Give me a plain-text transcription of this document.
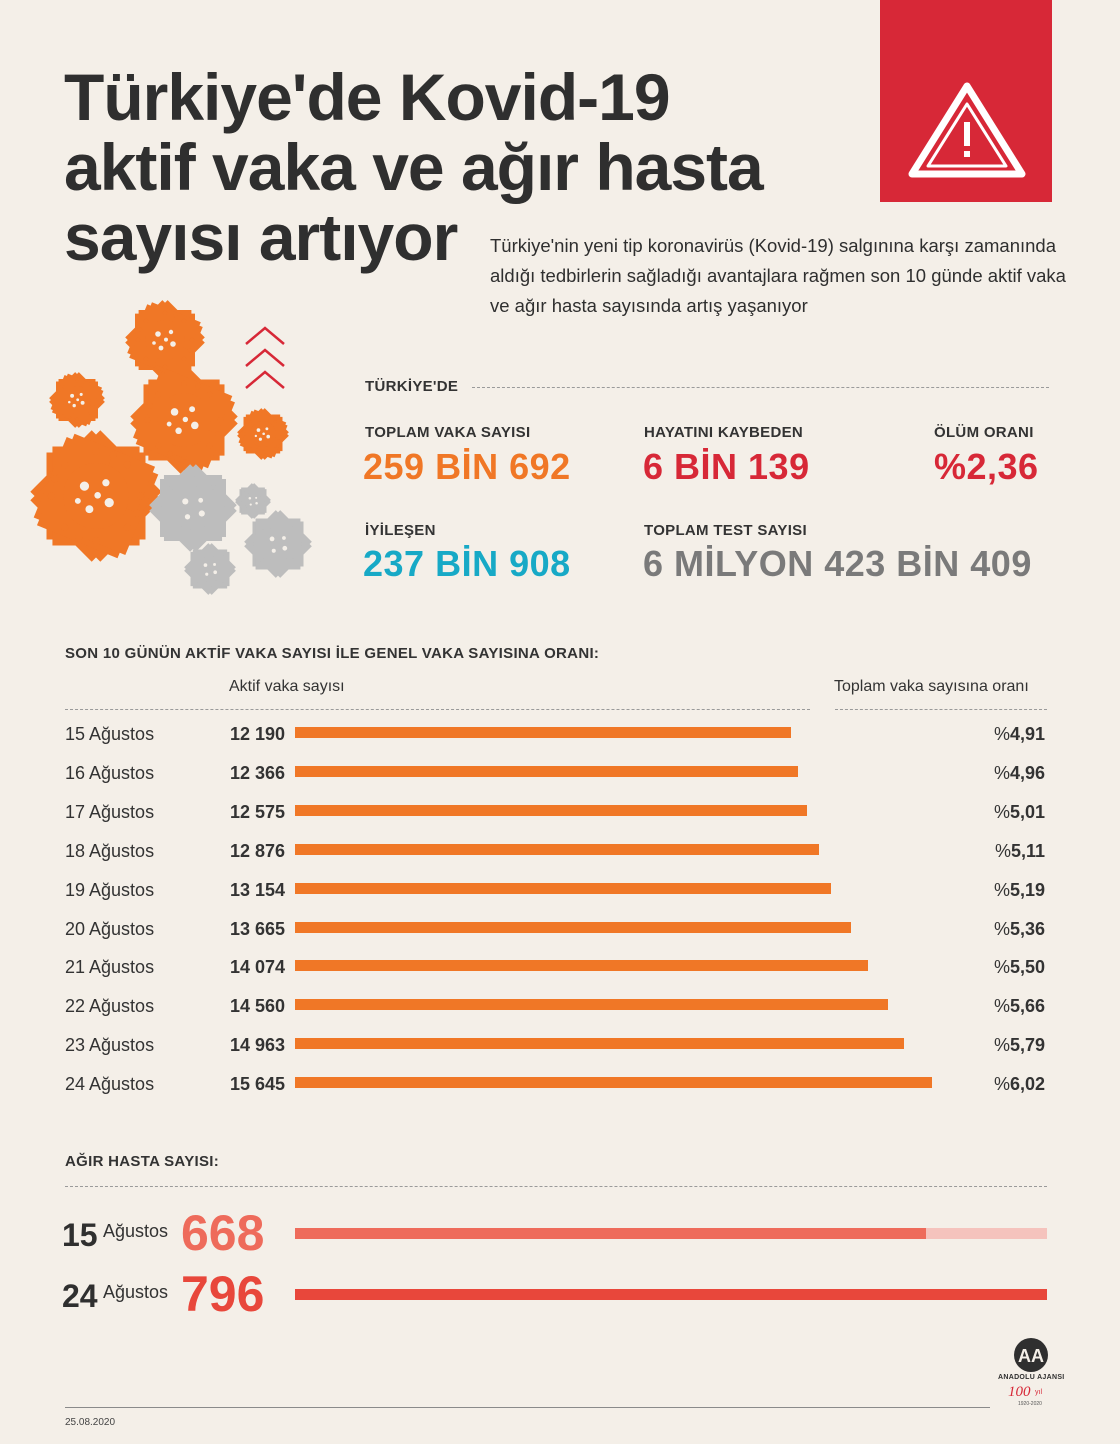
Türkiye'de Kovid-19
aktif vaka ve ağır hasta
sayısı artıyor	Türkiye'nin yeni tip koronavirüs (Kovid-19) salgınına karşı zamanında aldığı tedbirlerin sağladığı avantajlara rağmen son 10 günde aktif vaka ve ağır hasta sayısında artış yaşanıyor
TÜRKİYE'DE
TOPLAM VAKA SAYISI
259 BİN 692
HAYATINI KAYBEDEN
6 BİN 139
ÖLÜM ORANI
%2,36
İYİLEŞEN
237 BİN 908
TOPLAM TEST SAYISI
6 MİLYON 423 BİN 409
SON 10 GÜNÜN AKTİF VAKA SAYISI İLE GENEL VAKA SAYISINA ORANI:
Aktif vaka sayısı	Toplam vaka sayısına oranı
15 Ağustos	12 190	%4,91
16 Ağustos	12 366	%4,96
17 Ağustos	12 575	%5,01
18 Ağustos	12 876	%5,11
19 Ağustos	13 154	%5,19
20 Ağustos	13 665	%5,36
21 Ağustos	14 074	%5,50
22 Ağustos	14 560	%5,66
23 Ağustos	14 963	%5,79
24 Ağustos	15 645	%6,02
AĞIR HASTA SAYISI:
15 Ağustos 668
24 Ağustos 796
25.08.2020
AA
ANADOLU AJANSI
100 yıl
1920-2020
